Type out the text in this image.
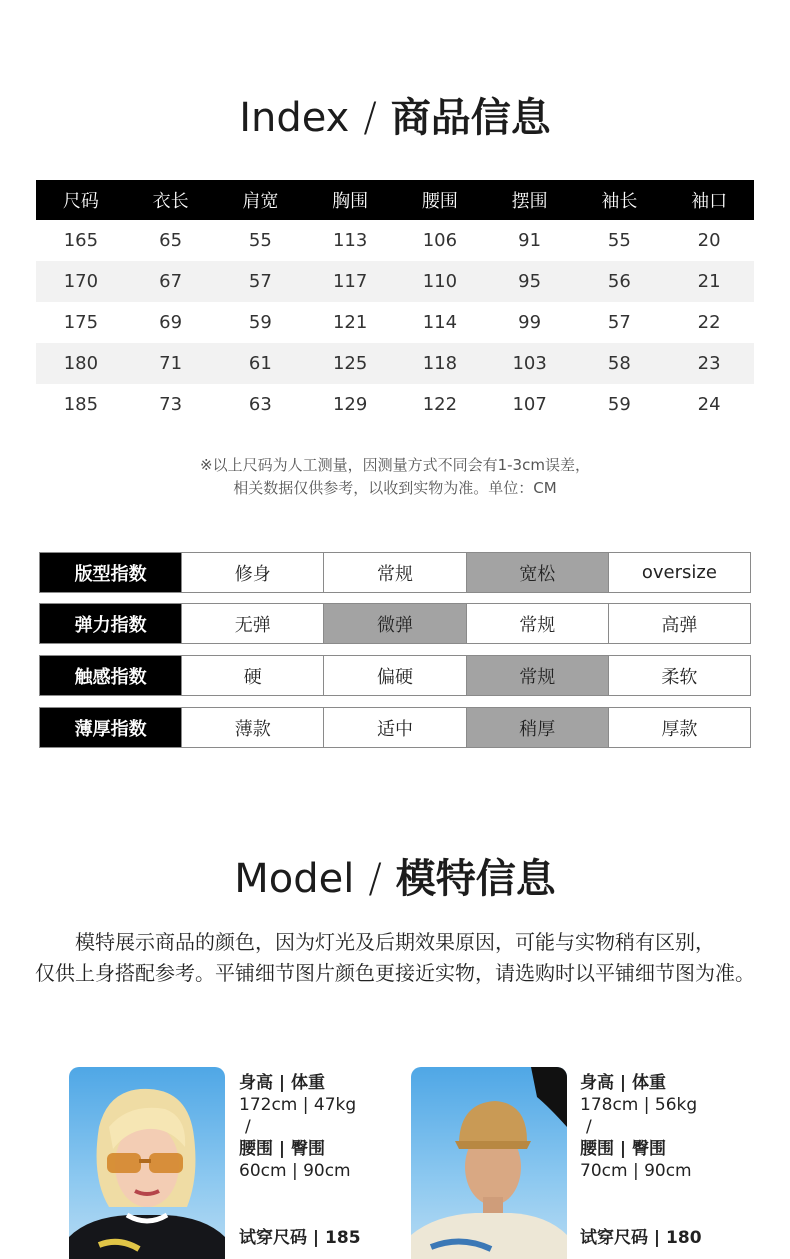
Index / 商品信息
尺码	衣长	肩宽	胸围	腰围	摆围	袖长	袖口
165	65	55	113	106	91	55	20
170	67	57	117	110	95	56	21
175	69	59	121	114	99	57	22
180	71	61	125	118	103	58	23
185	73	63	129	122	107	59	24
※以上尺码为人工测量，因测量方式不同会有1-3cm误差，
相关数据仅供参考，以收到实物为准。单位：CM
版型指数	修身	常规	宽松	oversize
弹力指数	无弹	微弹	常规	高弹
触感指数	硬	偏硬	常规	柔软
薄厚指数	薄款	适中	稍厚	厚款
Model / 模特信息
模特展示商品的颜色，因为灯光及后期效果原因，可能与实物稍有区别，
仅供上身搭配参考。平铺细节图片颜色更接近实物，请选购时以平铺细节图为准。
身高 | 体重
172cm | 47kg
/
腰围 | 臀围
60cm | 90cm
试穿尺码 | 185
身高 | 体重
178cm | 56kg
/
腰围 | 臀围
70cm | 90cm
试穿尺码 | 180
